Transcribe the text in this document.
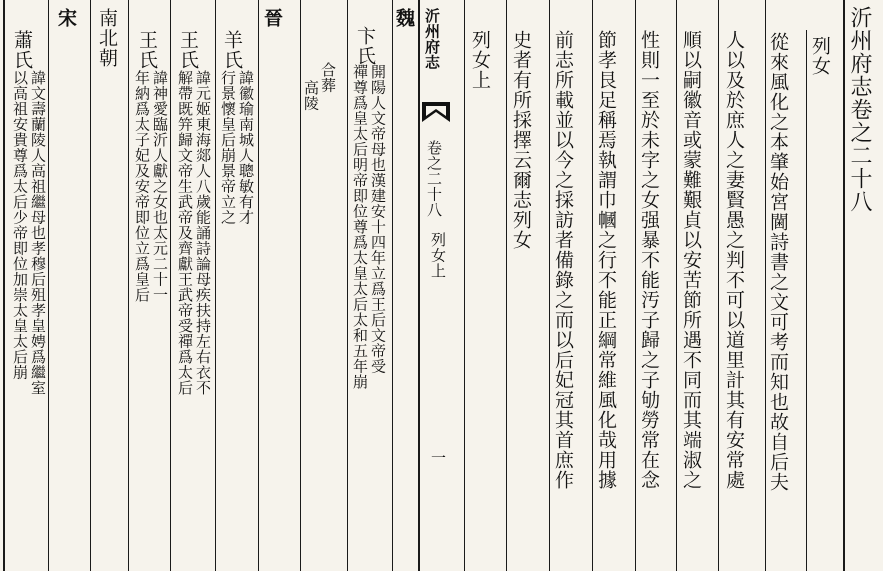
沂州府志卷之二十八
列女
從來風化之本肇始宮閫詩書之文可考而知也故自后夫
人以及於庶人之妻賢愚之判不可以道里計其有安常處
順以嗣徽音或蒙難艱貞以安苦節所遇不同而其端淑之
性則一至於未字之女强暴不能汚子歸之子劬勞常在念
節孝艮足稱焉執謂巾幗之行不能正綱常維風化哉用據
前志所載並以今之採訪者備錄之而以后妃冠其首庶作
史者有所採擇云爾志列女
列女上
沂州府志
卷之二十八
列女上
一
魏
卞氏
開陽人文帝母也漢建安十四年立爲王后文帝受
禪尊爲皇太后明帝即位尊爲太皇太后太和五年崩
合葬
高陵
晉
羊氏
諱徽瑜南城人聰敏有才
行景懷皇后崩景帝立之
王氏
諱元姬東海郯人八歲能誦詩論母疾扶持左右衣不
解帶既笄歸文帝生武帝及齊獻王武帝受禪爲太后
王氏
諱神愛臨沂人獻之女也太元二十一
年納爲太子妃及安帝即位立爲皇后
南北朝
宋
蕭氏
諱文壽蘭陵人高祖繼母也孝穆后殂孝皇娉爲繼室
以高祖安貴尊爲太后少帝即位加崇太皇太后崩
